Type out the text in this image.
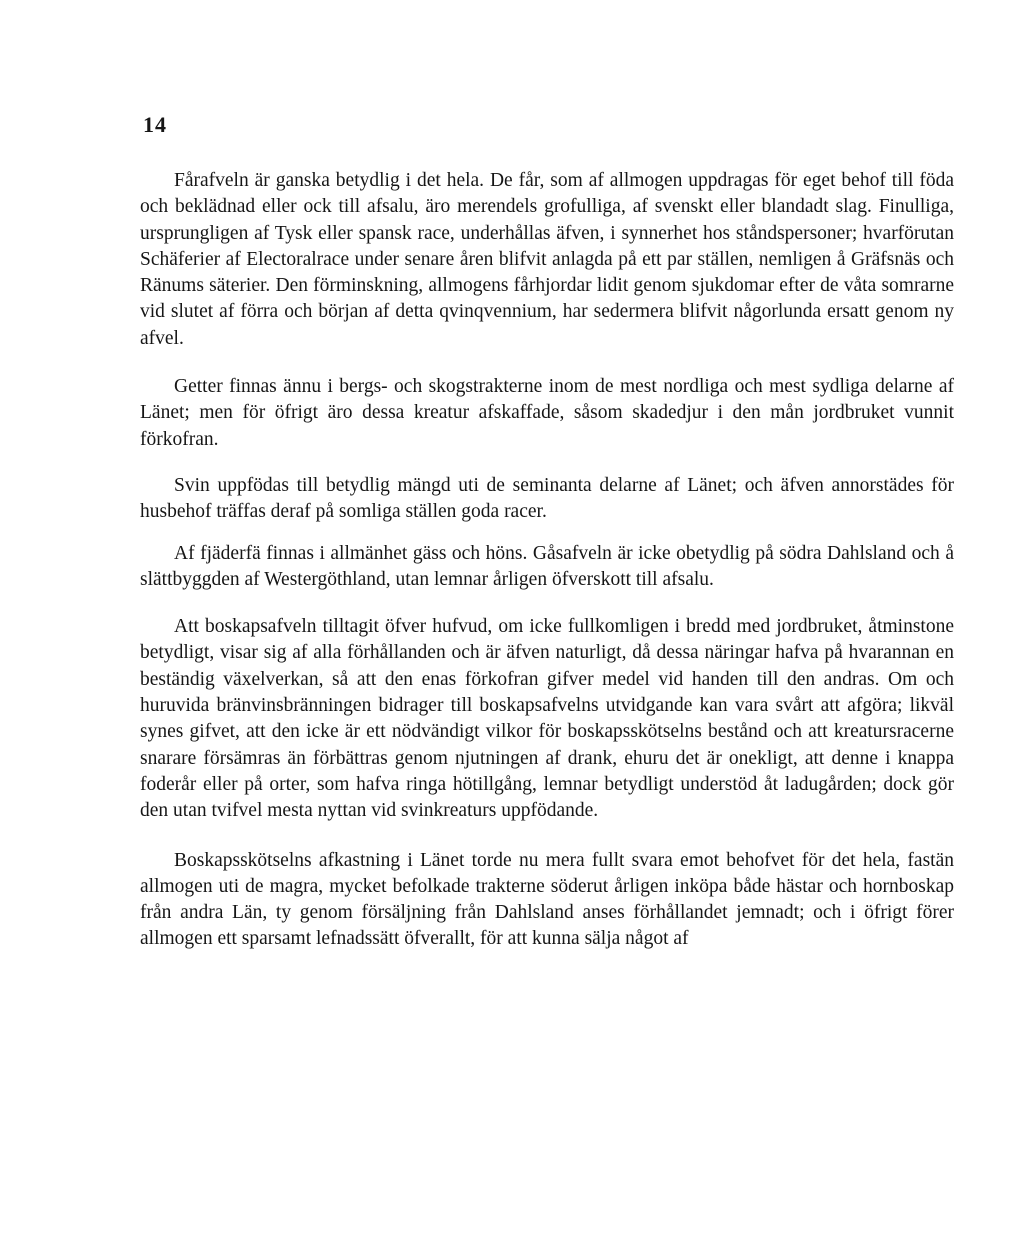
14

Fårafveln är ganska betydlig i det hela. De får, som af allmogen uppdragas för eget behof till föda och beklädnad eller ock till afsalu, äro merendels grofulliga, af svenskt eller blandadt slag. Finulliga, ursprungligen af Tysk eller spansk race, underhållas äfven, i synnerhet hos ståndspersoner; hvarförutan Schäferier af Electoralrace under senare åren blifvit anlagda på ett par ställen, nemligen å Gräfsnäs och Ränums säterier. Den förminskning, allmogens fårhjordar lidit genom sjukdomar efter de våta somrarne vid slutet af förra och början af detta qvinqvennium, har sedermera blifvit någorlunda ersatt genom ny afvel.

Getter finnas ännu i bergs- och skogstrakterne inom de mest nordliga och mest sydliga delarne af Länet; men för öfrigt äro dessa kreatur afskaffade, såsom skadedjur i den mån jordbruket vunnit förkofran.

Svin uppfödas till betydlig mängd uti de seminanta delarne af Länet; och äfven annorstädes för husbehof träffas deraf på somliga ställen goda racer.

Af fjäderfä finnas i allmänhet gäss och höns. Gåsafveln är icke obetydlig på södra Dahlsland och å slättbyggden af Westergöthland, utan lemnar årligen öfverskott till afsalu.

Att boskapsafveln tilltagit öfver hufvud, om icke fullkomligen i bredd med jordbruket, åtminstone betydligt, visar sig af alla förhållanden och är äfven naturligt, då dessa näringar hafva på hvarannan en beständig växelverkan, så att den enas förkofran gifver medel vid handen till den andras. Om och huruvida bränvinsbränningen bidrager till boskapsafvelns utvidgande kan vara svårt att afgöra; likväl synes gifvet, att den icke är ett nödvändigt vilkor för boskapsskötselns bestånd och att kreatursracerne snarare försämras än förbättras genom njutningen af drank, ehuru det är onekligt, att denne i knappa foderår eller på orter, som hafva ringa hötillgång, lemnar betydligt understöd åt ladugården; dock gör den utan tvifvel mesta nyttan vid svinkreaturs uppfödande.

Boskapsskötselns afkastning i Länet torde nu mera fullt svara emot behofvet för det hela, fastän allmogen uti de magra, mycket befolkade trakterne söderut årligen inköpa både hästar och hornboskap från andra Län, ty genom försäljning från Dahlsland anses förhållandet jemnadt; och i öfrigt förer allmogen ett sparsamt lefnadssätt öfverallt, för att kunna sälja något af
